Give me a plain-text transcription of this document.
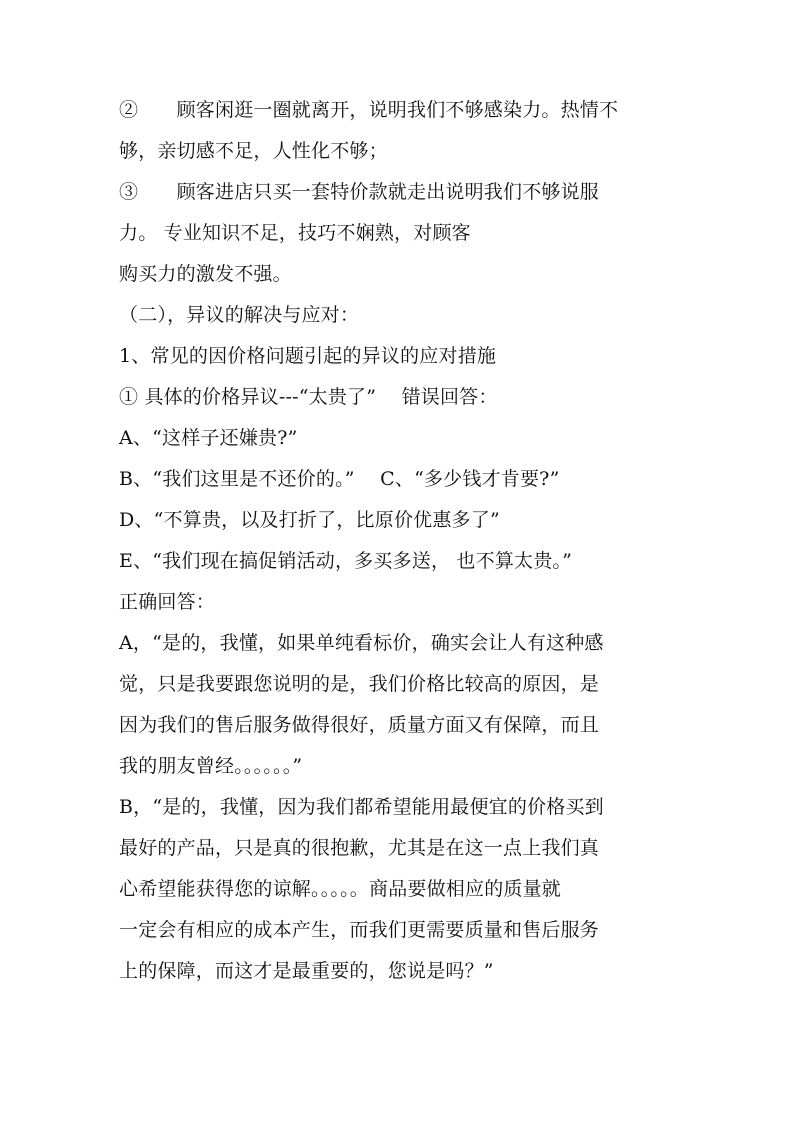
②　　顾客闲逛一圈就离开，说明我们不够感染力。热情不
够，亲切感不足，人性化不够；
③　　顾客进店只买一套特价款就走出说明我们不够说服
力。 专业知识不足，技巧不娴熟，对顾客
购买力的激发不强。
（二），异议的解决与应对：
1、常见的因价格问题引起的异议的应对措施
① 具体的价格异议---“太贵了”　 错误回答：
A、“这样子还嫌贵?”
B、“我们这里是不还价的。”　 C、“多少钱才肯要?”
D、“不算贵，以及打折了，比原价优惠多了”
E、“我们现在搞促销活动，多买多送， 也不算太贵。”
正确回答：
A，“是的，我懂，如果单纯看标价，确实会让人有这种感
觉，只是我要跟您说明的是，我们价格比较高的原因，是
因为我们的售后服务做得很好，质量方面又有保障，而且
我的朋友曾经。。。。。。”
B，“是的，我懂，因为我们都希望能用最便宜的价格买到
最好的产品，只是真的很抱歉，尤其是在这一点上我们真
心希望能获得您的谅解。。。。。商品要做相应的质量就
一定会有相应的成本产生，而我们更需要质量和售后服务
上的保障，而这才是最重要的，您说是吗？”
